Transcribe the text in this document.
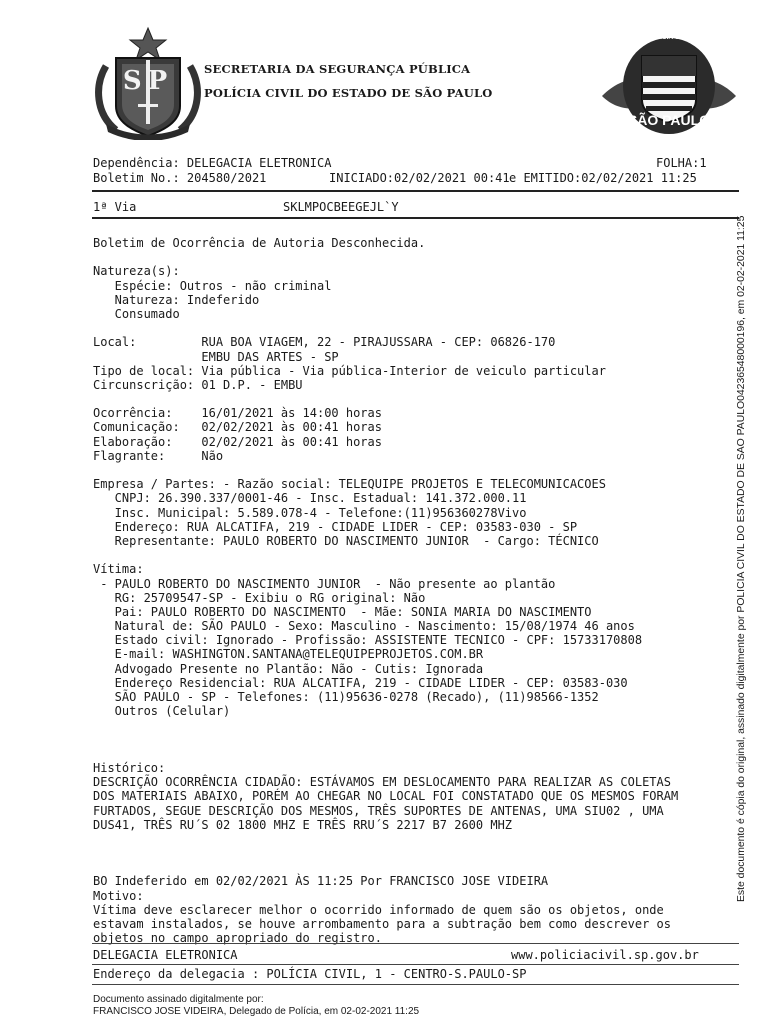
SP	SECRETARIA DA SEGURANÇA PÚBLICA
POLÍCIA CIVIL DO ESTADO DE SÃO PAULO
POLÍCIA CIVIL
SÃO PAULO
Dependência: DELEGACIA ELETRONICA	FOLHA:1
Boletim No.: 204580/2021	INICIADO:02/02/2021 00:41 e EMITIDO:02/02/2021 11:25
1ª Via	SKLMPOCBEEGEJL`Y
Boletim de Ocorrência de Autoria Desconhecida.
Natureza(s):
Espécie: Outros - não criminal
Natureza: Indeferido
Consumado
Local:         RUA BOA VIAGEM, 22 - PIRAJUSSARA - CEP: 06826-170
EMBU DAS ARTES - SP
Tipo de local: Via pública - Via pública-Interior de veiculo particular
Circunscrição: 01 D.P. - EMBU
Ocorrência:    16/01/2021 às 14:00 horas
Comunicação:   02/02/2021 às 00:41 horas
Elaboração:    02/02/2021 às 00:41 horas
Flagrante:     Não
Empresa / Partes: - Razão social: TELEQUIPE PROJETOS E TELECOMUNICACOES
CNPJ: 26.390.337/0001-46 - Insc. Estadual: 141.372.000.11
Insc. Municipal: 5.589.078-4 - Telefone:(11)956360278Vivo
Endereço: RUA ALCATIFA, 219 - CIDADE LIDER - CEP: 03583-030 - SP
Representante: PAULO ROBERTO DO NASCIMENTO JUNIOR  - Cargo: TÉCNICO
Vítima:
- PAULO ROBERTO DO NASCIMENTO JUNIOR  - Não presente ao plantão
RG: 25709547-SP - Exibiu o RG original: Não
Pai: PAULO ROBERTO DO NASCIMENTO  - Mãe: SONIA MARIA DO NASCIMENTO
Natural de: SÃO PAULO - Sexo: Masculino - Nascimento: 15/08/1974 46 anos
Estado civil: Ignorado - Profissão: ASSISTENTE TECNICO - CPF: 15733170808
E-mail: WASHINGTON.SANTANA@TELEQUIPEPROJETOS.COM.BR
Advogado Presente no Plantão: Não - Cutis: Ignorada
Endereço Residencial: RUA ALCATIFA, 219 - CIDADE LIDER - CEP: 03583-030
SÃO PAULO - SP - Telefones: (11)95636-0278 (Recado), (11)98566-1352
Outros (Celular)
Histórico:
DESCRIÇÃO OCORRÊNCIA CIDADÃO: ESTÁVAMOS EM DESLOCAMENTO PARA REALIZAR AS COLETAS
DOS MATERIAIS ABAIXO, PORÉM AO CHEGAR NO LOCAL FOI CONSTATADO QUE OS MESMOS FORAM
FURTADOS, SEGUE DESCRIÇÃO DOS MESMOS, TRÊS SUPORTES DE ANTENAS, UMA SIU02 , UMA
DUS41, TRÊS RU´S 02 1800 MHZ E TRÊS RRU´S 2217 B7 2600 MHZ
BO Indeferido em 02/02/2021 ÀS 11:25 Por FRANCISCO JOSE VIDEIRA
Motivo:
Vítima deve esclarecer melhor o ocorrido informado de quem são os objetos, onde
estavam instalados, se houve arrombamento para a subtração bem como descrever os
objetos no campo apropriado do registro.
DELEGACIA ELETRONICA	www.policiacivil.sp.gov.br
Endereço da delegacia : POLÍCIA CIVIL, 1 - CENTRO-S.PAULO-SP
Documento assinado digitalmente por:
FRANCISCO JOSE VIDEIRA, Delegado de Polícia, em 02-02-2021 11:25
Este documento é cópia do original, assinado digitalmente por POLICIA CIVIL DO ESTADO DE SAO PAULO04236548000196, em 02-02-2021 11:25
